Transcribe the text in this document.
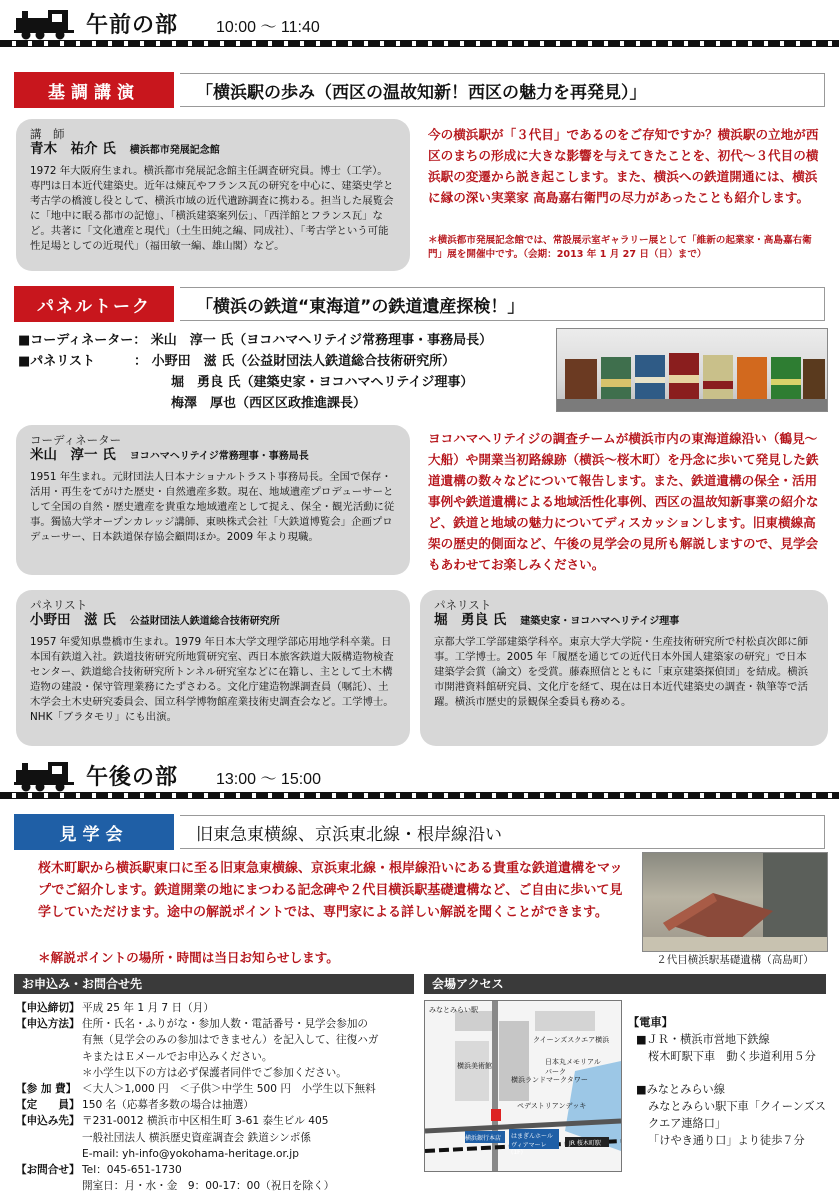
午前の部 10:00 ～ 11:40
基調講演	「横浜駅の歩み（西区の温故知新！西区の魅力を再発見）」
講　師
青木　祐介 氏 横浜都市発展記念館
1972 年大阪府生まれ。横浜都市発展記念館主任調査研究員。博士（工学）。専門は日本近代建築史。近年は煉瓦やフランス瓦の研究を中心に、建築史学と考古学の橋渡し役として、横浜市域の近代遺跡調査に携わる。担当した展覧会に「地中に眠る都市の記憶」、「横浜建築案列伝」、「西洋館とフランス瓦」など。共著に「文化遺産と現代」（土生田純之編、同成社）、「考古学という可能性足場としての近現代」（福田敏一編、雄山閣）など。
今の横浜駅が「３代目」であるのをご存知ですか？横浜駅の立地が西区のまちの形成に大きな影響を与えてきたことを、初代～３代目の横浜駅の変遷から説き起こします。また、横浜への鉄道開通には、横浜に縁の深い実業家 高島嘉右衛門の尽力があったことも紹介します。
＊横浜都市発展記念館では、常設展示室ギャラリー展として「維新の起業家・高島嘉右衛門」展を開催中です。（会期：2013 年 1 月 27 日（日）まで）
パネルトーク	「横浜の鉄道“東海道”の鉄道遺産探検！」
■コーディネーター： 米山　淳一 氏（ヨコハマヘリテイジ常務理事・事務局長）
■パネリスト　　　： 小野田　滋 氏（公益財団法人鉄道総合技術研究所）
堀　勇良 氏（建築史家・ヨコハマヘリテイジ理事）
梅澤　厚也（西区区政推進課長）
コーディネーター
米山　淳一 氏 ヨコハマヘリテイジ常務理事・事務局長
1951 年生まれ。元財団法人日本ナショナルトラスト事務局長。全国で保存・活用・再生をてがけた歴史・自然遺産多数。現在、地域遺産プロデューサーとして全国の自然・歴史遺産を貴重な地域遺産として捉え、保全・観光活動に従事。獨協大学オープンカレッジ講師、東映株式会社「大鉄道博覧会」企画プロデューサー、日本鉄道保存協会顧問ほか。2009 年より現職。
ヨコハマヘリテイジの調査チームが横浜市内の東海道線沿い（鶴見～大船）や開業当初路線跡（横浜～桜木町）を丹念に歩いて発見した鉄道遺構の数々などについて報告します。また、鉄道遺構の保全・活用事例や鉄道遺構による地域活性化事例、西区の温故知新事業の紹介など、鉄道と地域の魅力についてディスカッションします。旧東横線高架の歴史的側面など、午後の見学会の見所も解説しますので、見学会もあわせてお楽しみください。
パネリスト
小野田　滋 氏 公益財団法人鉄道総合技術研究所
1957 年愛知県豊橋市生まれ。1979 年日本大学文理学部応用地学科卒業。日本国有鉄道入社。鉄道技術研究所地質研究室、西日本旅客鉄道大阪構造物検査センター、鉄道総合技術研究所トンネル研究室などに在籍し、主として土木構造物の建設・保守管理業務にたずさわる。文化庁建造物課調査員（嘱託）、土木学会土木史研究委員会、国立科学博物館産業技術史調査会など。工学博士。NHK「ブラタモリ」にも出演。
パネリスト
堀　勇良 氏 建築史家・ヨコハマヘリテイジ理事
京都大学工学部建築学科卒。東京大学大学院・生産技術研究所で村松貞次郎に師事。工学博士。2005 年「履歴を通じての近代日本外国人建築家の研究」で日本建築学会賞（論文）を受賞。藤森照信とともに「東京建築探偵団」を結成。横浜市開港資料館研究員、文化庁を経て、現在は日本近代建築史の調査・執筆等で活躍。横浜市歴史的景観保全委員も務める。
午後の部 13:00 ～ 15:00
見学会	旧東急東横線、京浜東北線・根岸線沿い
桜木町駅から横浜駅東口に至る旧東急東横線、京浜東北線・根岸線沿いにある貴重な鉄道遺構をマップでご紹介します。鉄道開業の地にまつわる記念碑や２代目横浜駅基礎遺構など、ご自由に歩いて見学していただけます。途中の解説ポイントでは、専門家による詳しい解説を聞くことができます。
＊解説ポイントの場所・時間は当日お知らせします。	２代目横浜駅基礎遺構（高島町）
お申込み・お問合せ先
【申込締切】 平成 25 年 1 月 7 日（月）
【申込方法】 住所・氏名・ふりがな・参加人数・電話番号・見学会参加の
有無（見学会のみの参加はできません）を記入して、往復ハガ
キまたはＥメールでお申込みください。
＊小学生以下の方は必ず保護者同伴でご参加ください。
【参 加 費】 ＜大人＞1,000 円　＜子供＞中学生 500 円　小学生以下無料
【定　　員】 150 名（応募者多数の場合は抽選）
【申込み先】 〒231-0012 横浜市中区相生町 3-61 泰生ビル 405
一般社団法人 横浜歴史資産調査会 鉄道シンポ係
E-mail: yh-info@yokohama-heritage.or.jp
【お問合せ】 Tel：045-651-1730
開室日：月・水・金　9：00-17：00（祝日を除く）
会場アクセス
みなとみらい駅
クイーンズスクエア横浜
横浜ランドマークタワー
日本丸メモリアルパーク
ペデストリアンデッキ
横浜銀行本店 はまぎんホール ヴィアマーレ(1F)
JR 桜木町駅
横浜美術館
【電車】
■ＪＲ・横浜市営地下鉄線
桜木町駅下車　動く歩道利用５分
■みなとみらい線
みなとみらい駅下車「クイーンズス
クエア連絡口」
「けやき通り口」より徒歩７分
